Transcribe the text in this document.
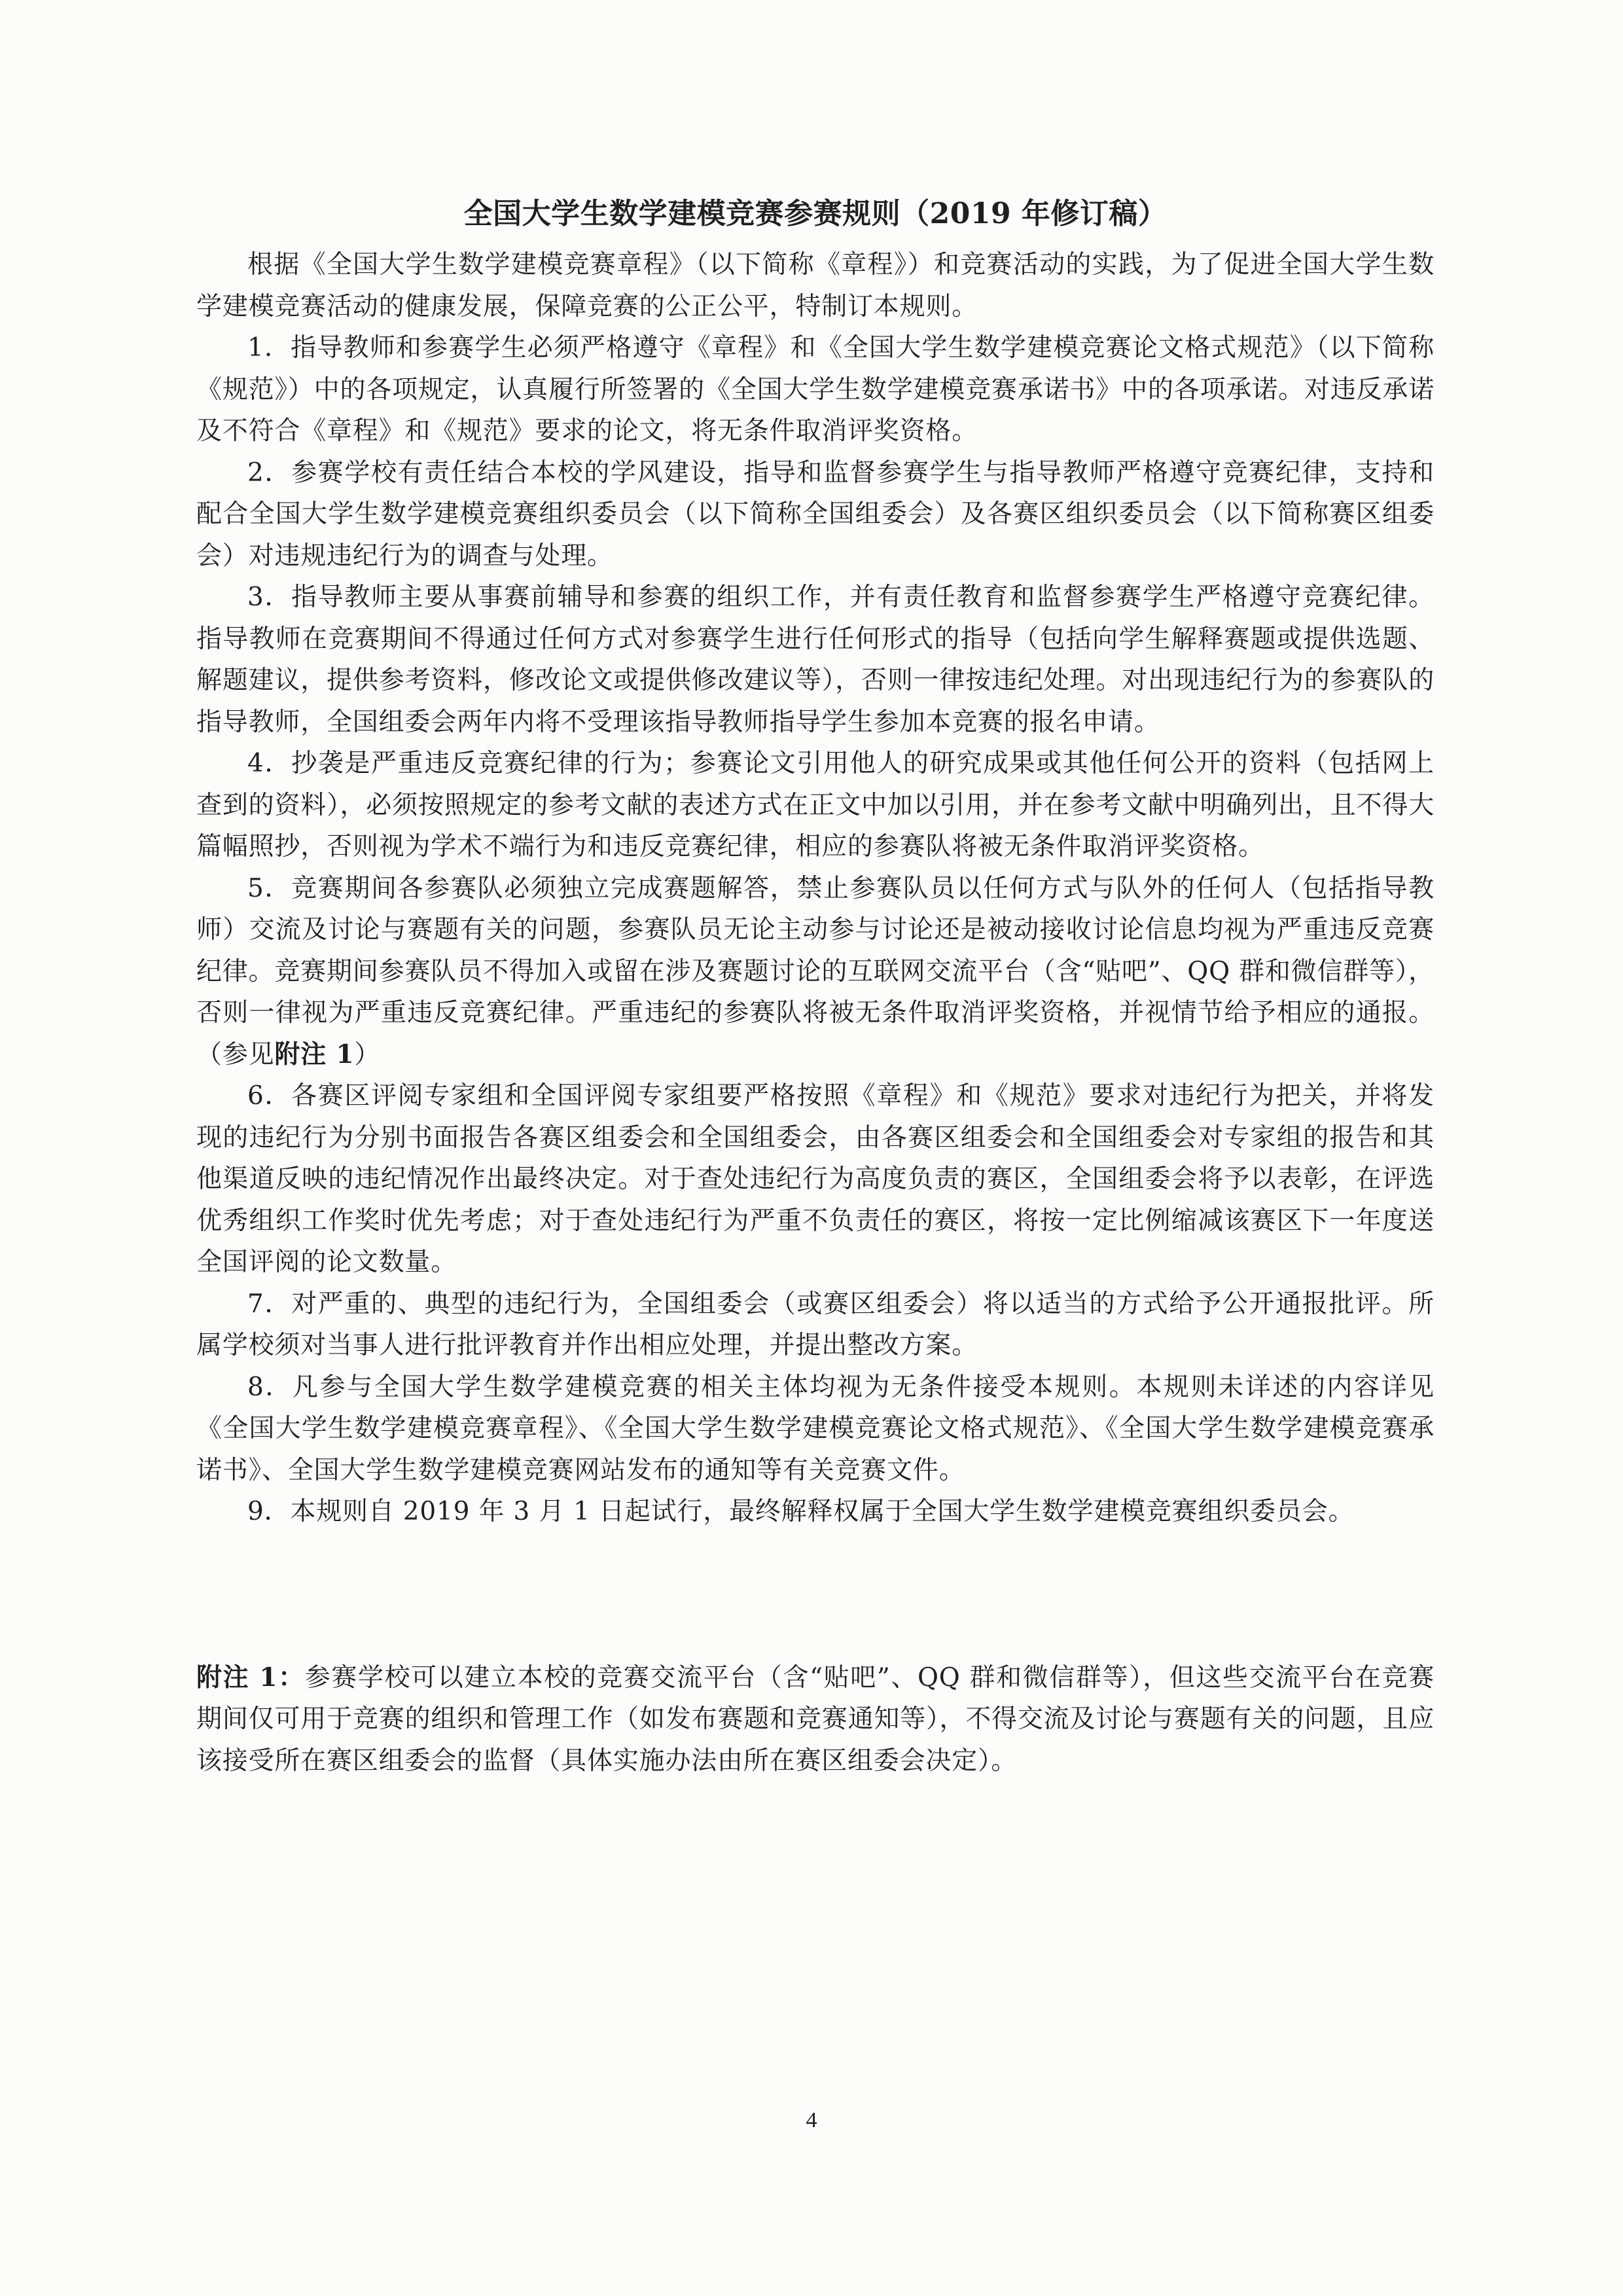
全国大学生数学建模竞赛参赛规则（2019 年修订稿）

根据《全国大学生数学建模竞赛章程》（以下简称《章程》）和竞赛活动的实践，为了促进全国大学生数学建模竞赛活动的健康发展，保障竞赛的公正公平，特制订本规则。

1．指导教师和参赛学生必须严格遵守《章程》和《全国大学生数学建模竞赛论文格式规范》（以下简称《规范》）中的各项规定，认真履行所签署的《全国大学生数学建模竞赛承诺书》中的各项承诺。对违反承诺及不符合《章程》和《规范》要求的论文，将无条件取消评奖资格。

2．参赛学校有责任结合本校的学风建设，指导和监督参赛学生与指导教师严格遵守竞赛纪律，支持和配合全国大学生数学建模竞赛组织委员会（以下简称全国组委会）及各赛区组织委员会（以下简称赛区组委会）对违规违纪行为的调查与处理。

3．指导教师主要从事赛前辅导和参赛的组织工作，并有责任教育和监督参赛学生严格遵守竞赛纪律。指导教师在竞赛期间不得通过任何方式对参赛学生进行任何形式的指导（包括向学生解释赛题或提供选题、解题建议，提供参考资料，修改论文或提供修改建议等），否则一律按违纪处理。对出现违纪行为的参赛队的指导教师，全国组委会两年内将不受理该指导教师指导学生参加本竞赛的报名申请。

4．抄袭是严重违反竞赛纪律的行为；参赛论文引用他人的研究成果或其他任何公开的资料（包括网上查到的资料），必须按照规定的参考文献的表述方式在正文中加以引用，并在参考文献中明确列出，且不得大篇幅照抄，否则视为学术不端行为和违反竞赛纪律，相应的参赛队将被无条件取消评奖资格。

5．竞赛期间各参赛队必须独立完成赛题解答，禁止参赛队员以任何方式与队外的任何人（包括指导教师）交流及讨论与赛题有关的问题，参赛队员无论主动参与讨论还是被动接收讨论信息均视为严重违反竞赛纪律。竞赛期间参赛队员不得加入或留在涉及赛题讨论的互联网交流平台（含“贴吧”、QQ 群和微信群等），否则一律视为严重违反竞赛纪律。严重违纪的参赛队将被无条件取消评奖资格，并视情节给予相应的通报。（参见附注 1）

6．各赛区评阅专家组和全国评阅专家组要严格按照《章程》和《规范》要求对违纪行为把关，并将发现的违纪行为分别书面报告各赛区组委会和全国组委会，由各赛区组委会和全国组委会对专家组的报告和其他渠道反映的违纪情况作出最终决定。对于查处违纪行为高度负责的赛区，全国组委会将予以表彰，在评选优秀组织工作奖时优先考虑；对于查处违纪行为严重不负责任的赛区，将按一定比例缩减该赛区下一年度送全国评阅的论文数量。

7．对严重的、典型的违纪行为，全国组委会（或赛区组委会）将以适当的方式给予公开通报批评。所属学校须对当事人进行批评教育并作出相应处理，并提出整改方案。

8．凡参与全国大学生数学建模竞赛的相关主体均视为无条件接受本规则。本规则未详述的内容详见《全国大学生数学建模竞赛章程》、《全国大学生数学建模竞赛论文格式规范》、《全国大学生数学建模竞赛承诺书》、全国大学生数学建模竞赛网站发布的通知等有关竞赛文件。

9．本规则自 2019 年 3 月 1 日起试行，最终解释权属于全国大学生数学建模竞赛组织委员会。

附注 1：参赛学校可以建立本校的竞赛交流平台（含“贴吧”、QQ 群和微信群等），但这些交流平台在竞赛期间仅可用于竞赛的组织和管理工作（如发布赛题和竞赛通知等），不得交流及讨论与赛题有关的问题，且应该接受所在赛区组委会的监督（具体实施办法由所在赛区组委会决定）。

4
